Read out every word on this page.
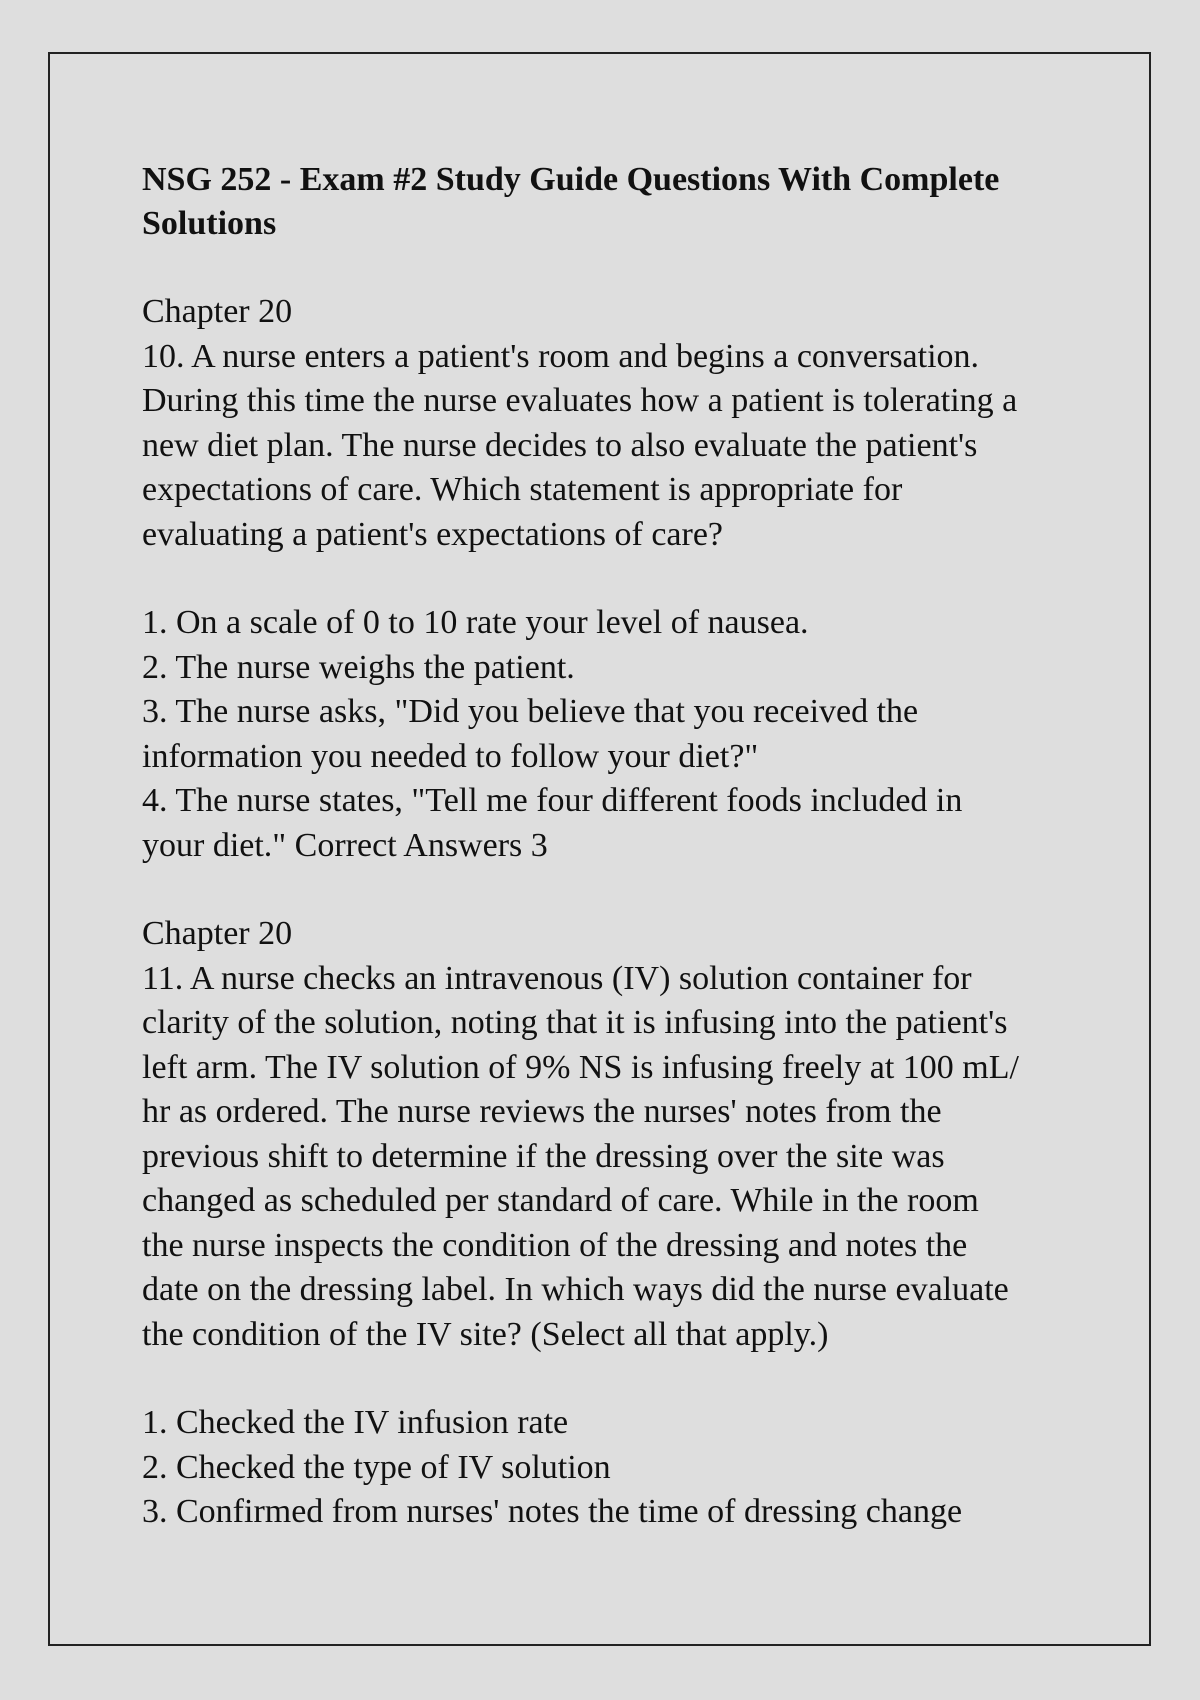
NSG 252 - Exam #2 Study Guide Questions With Complete
Solutions
Chapter 20
10. A nurse enters a patient's room and begins a conversation.
During this time the nurse evaluates how a patient is tolerating a
new diet plan. The nurse decides to also evaluate the patient's
expectations of care. Which statement is appropriate for
evaluating a patient's expectations of care?
1. On a scale of 0 to 10 rate your level of nausea.
2. The nurse weighs the patient.
3. The nurse asks, "Did you believe that you received the
information you needed to follow your diet?"
4. The nurse states, "Tell me four different foods included in
your diet." Correct Answers 3
Chapter 20
11. A nurse checks an intravenous (IV) solution container for
clarity of the solution, noting that it is infusing into the patient's
left arm. The IV solution of 9% NS is infusing freely at 100 mL/
hr as ordered. The nurse reviews the nurses' notes from the
previous shift to determine if the dressing over the site was
changed as scheduled per standard of care. While in the room
the nurse inspects the condition of the dressing and notes the
date on the dressing label. In which ways did the nurse evaluate
the condition of the IV site? (Select all that apply.)
1. Checked the IV infusion rate
2. Checked the type of IV solution
3. Confirmed from nurses' notes the time of dressing change
